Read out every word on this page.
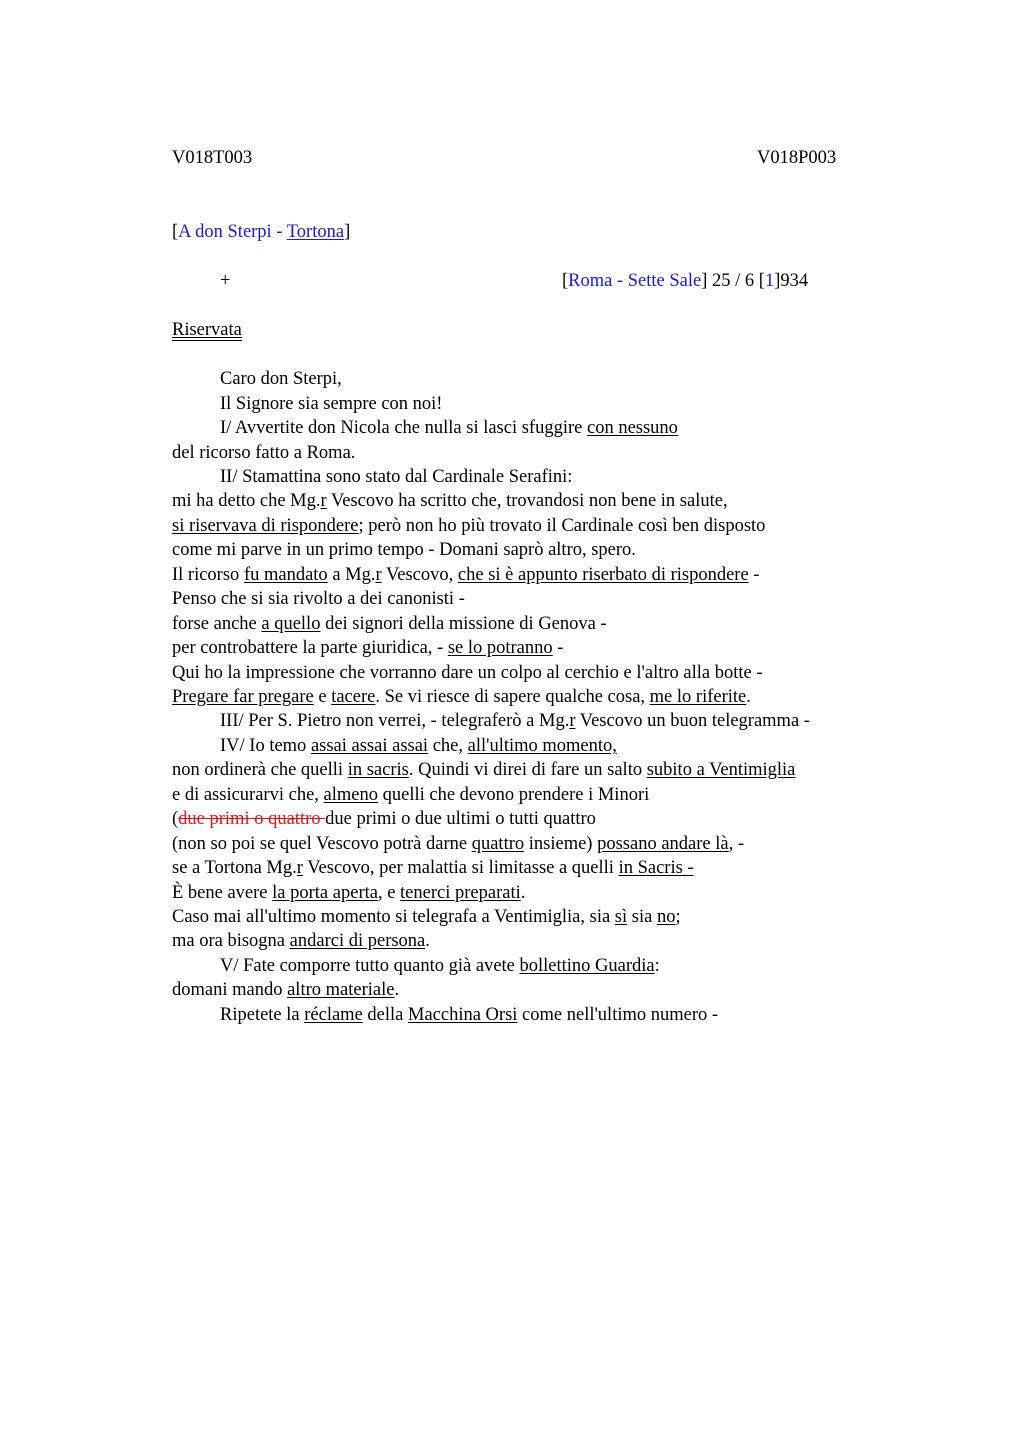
V018T003	V018P003
[A don Sterpi - Tortona]
+	[Roma - Sette Sale] 25 / 6 [1]934
Riservata
Caro don Sterpi,
Il Signore sia sempre con noi!
I/ Avvertite don Nicola che nulla si lasci sfuggire con nessuno
del ricorso fatto a Roma.
II/ Stamattina sono stato dal Cardinale Serafini:
mi ha detto che Mg.r Vescovo ha scritto che, trovandosi non bene in salute,
si riservava di rispondere; però non ho più trovato il Cardinale così ben disposto
come mi parve in un primo tempo - Domani saprò altro, spero.
Il ricorso fu mandato a Mg.r Vescovo, che si è appunto riserbato di rispondere -
Penso che si sia rivolto a dei canonisti -
forse anche a quello dei signori della missione di Genova -
per controbattere la parte giuridica, - se lo potranno -
Qui ho la impressione che vorranno dare un colpo al cerchio e l'altro alla botte -
Pregare far pregare e tacere. Se vi riesce di sapere qualche cosa, me lo riferite.
III/ Per S. Pietro non verrei, - telegraferò a Mg.r Vescovo un buon telegramma -
IV/ Io temo assai assai assai che, all'ultimo momento,
non ordinerà che quelli in sacris. Quindi vi direi di fare un salto subito a Ventimiglia
e di assicurarvi che, almeno quelli che devono prendere i Minori
(due primi o quattro due primi o due ultimi o tutti quattro
(non so poi se quel Vescovo potrà darne quattro insieme) possano andare là, -
se a Tortona Mg.r Vescovo, per malattia si limitasse a quelli in Sacris -
È bene avere la porta aperta, e tenerci preparati.
Caso mai all'ultimo momento si telegrafa a Ventimiglia, sia sì sia no;
ma ora bisogna andarci di persona.
V/ Fate comporre tutto quanto già avete bollettino Guardia:
domani mando altro materiale.
Ripetete la réclame della Macchina Orsi come nell'ultimo numero -
